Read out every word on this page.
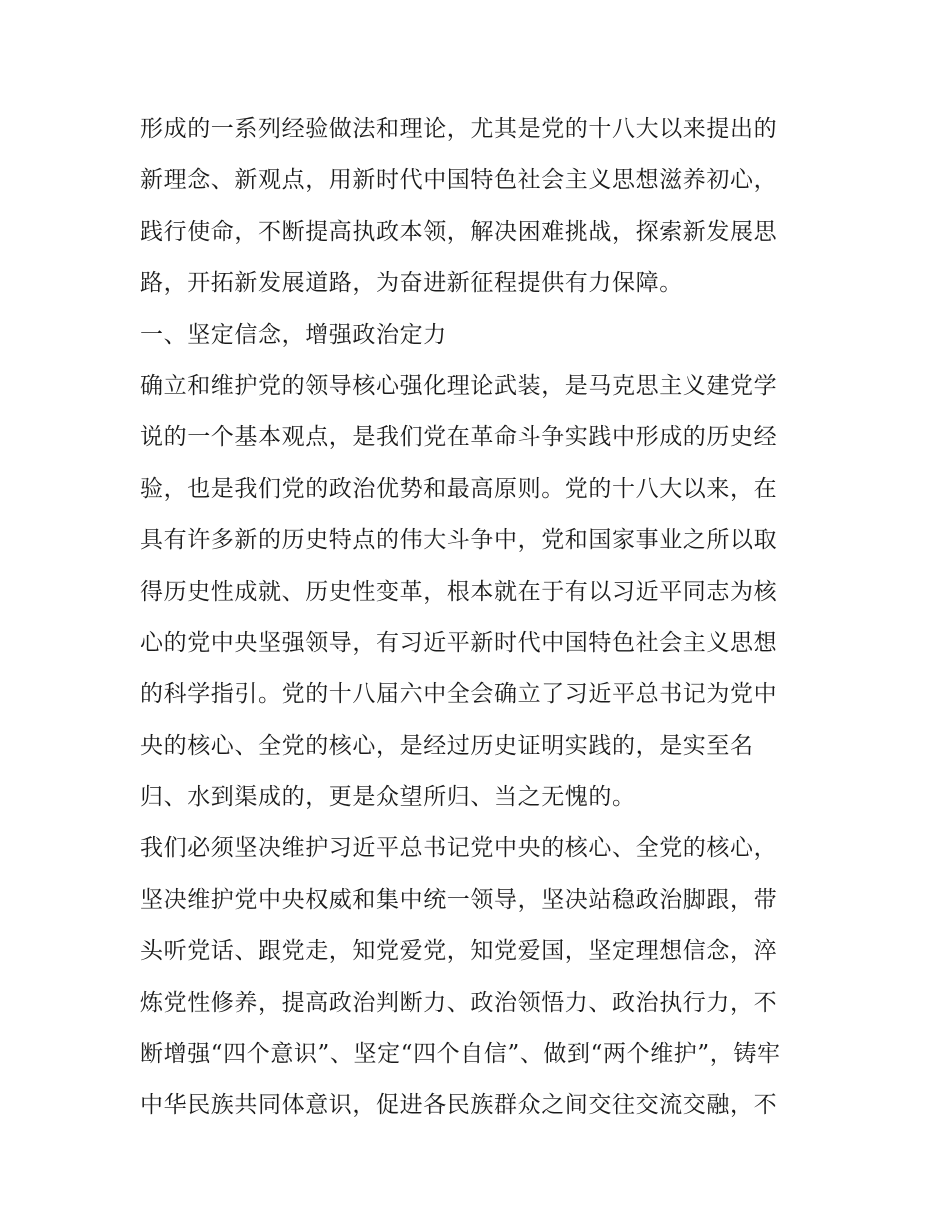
形成的一系列经验做法和理论，尤其是党的十八大以来提出的
新理念、新观点，用新时代中国特色社会主义思想滋养初心，
践行使命，不断提高执政本领，解决困难挑战，探索新发展思
路，开拓新发展道路，为奋进新征程提供有力保障。
一、坚定信念，增强政治定力
确立和维护党的领导核心强化理论武装，是马克思主义建党学
说的一个基本观点，是我们党在革命斗争实践中形成的历史经
验，也是我们党的政治优势和最高原则。党的十八大以来，在
具有许多新的历史特点的伟大斗争中，党和国家事业之所以取
得历史性成就、历史性变革，根本就在于有以习近平同志为核
心的党中央坚强领导，有习近平新时代中国特色社会主义思想
的科学指引。党的十八届六中全会确立了习近平总书记为党中
央的核心、全党的核心，是经过历史证明实践的，是实至名
归、水到渠成的，更是众望所归、当之无愧的。
我们必须坚决维护习近平总书记党中央的核心、全党的核心，
坚决维护党中央权威和集中统一领导，坚决站稳政治脚跟，带
头听党话、跟党走，知党爱党，知党爱国，坚定理想信念，淬
炼党性修养，提高政治判断力、政治领悟力、政治执行力，不
断增强“四个意识”、坚定“四个自信”、做到“两个维护”，铸牢
中华民族共同体意识，促进各民族群众之间交往交流交融，不
